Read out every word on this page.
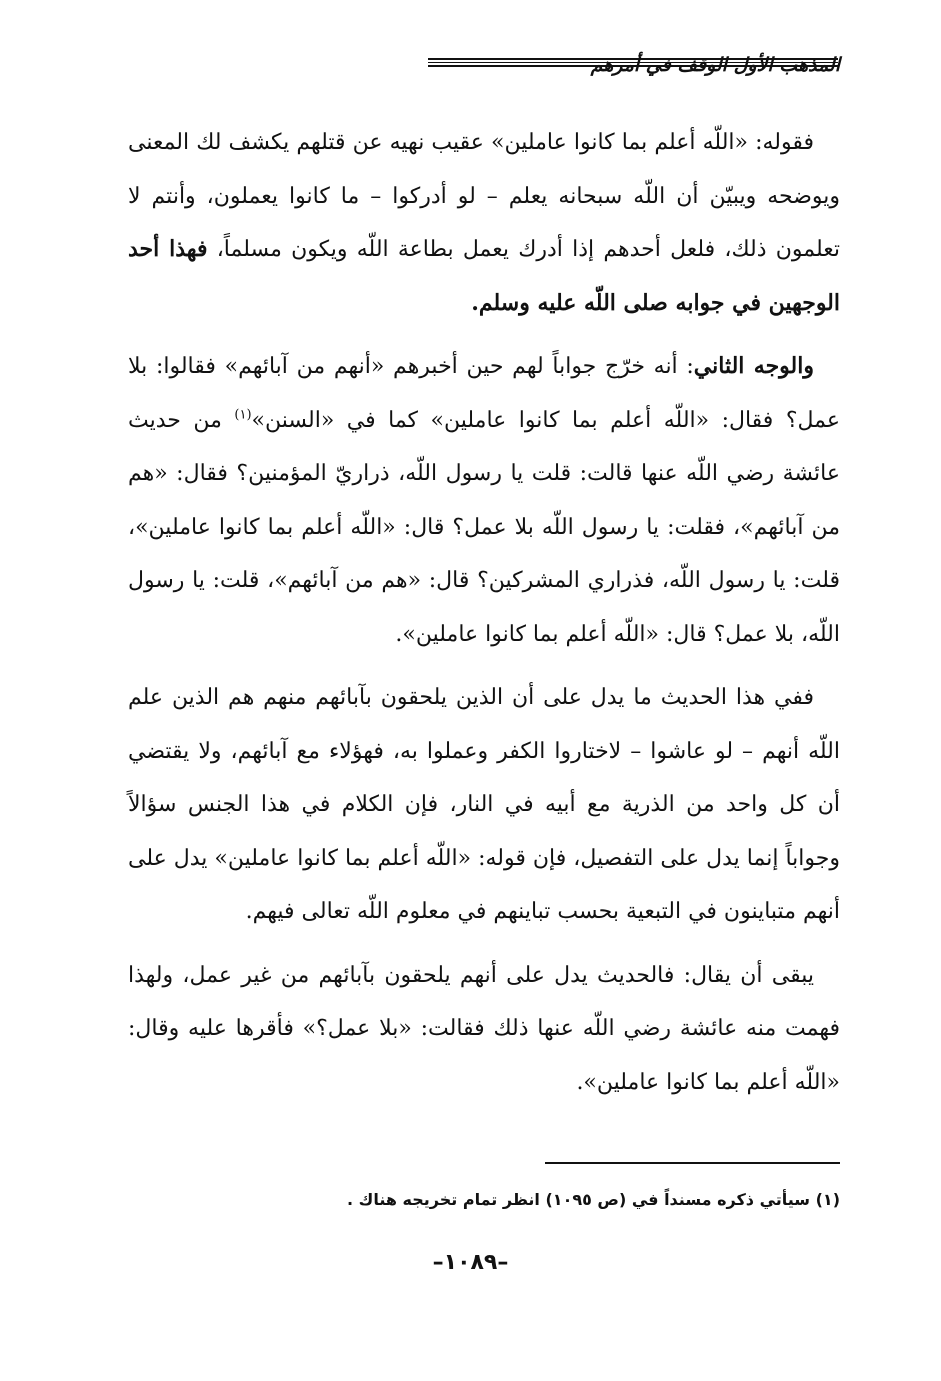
المذهب الأول الوقف في أمرهم

فقوله: «اللّه أعلم بما كانوا عاملين» عقيب نهيه عن قتلهم يكشف لك المعنى ويوضحه ويبيّن أن اللّه سبحانه يعلم – لو أدركوا – ما كانوا يعملون، وأنتم لا تعلمون ذلك، فلعل أحدهم إذا أدرك يعمل بطاعة اللّه ويكون مسلماً، فهذا أحد الوجهين في جوابه صلى اللّه عليه وسلم.

والوجه الثاني: أنه خرّج جواباً لهم حين أخبرهم «أنهم من آبائهم» فقالوا: بلا عمل؟ فقال: «اللّه أعلم بما كانوا عاملين» كما في «السنن»$^{(١)}$ من حديث عائشة رضي اللّه عنها قالت: قلت يا رسول اللّه، ذراريّ المؤمنين؟ فقال: «هم من آبائهم»، فقلت: يا رسول اللّه بلا عمل؟ قال: «اللّه أعلم بما كانوا عاملين»، قلت: يا رسول اللّه، فذراري المشركين؟ قال: «هم من آبائهم»، قلت: يا رسول اللّه، بلا عمل؟ قال: «اللّه أعلم بما كانوا عاملين».

ففي هذا الحديث ما يدل على أن الذين يلحقون بآبائهم منهم هم الذين علم اللّه أنهم – لو عاشوا – لاختاروا الكفر وعملوا به، فهؤلاء مع آبائهم، ولا يقتضي أن كل واحد من الذرية مع أبيه في النار، فإن الكلام في هذا الجنس سؤالاً وجواباً إنما يدل على التفصيل، فإن قوله: «اللّه أعلم بما كانوا عاملين» يدل على أنهم متباينون في التبعية بحسب تباينهم في معلوم اللّه تعالى فيهم.

يبقى أن يقال: فالحديث يدل على أنهم يلحقون بآبائهم من غير عمل، ولهذا فهمت منه عائشة رضي اللّه عنها ذلك فقالت: «بلا عمل؟» فأقرها عليه وقال: «اللّه أعلم بما كانوا عاملين».

(١) سيأتي ذكره مسنداً في (ص ١٠٩٥) انظر تمام تخريجه هناك .
–١٠٨٩–
